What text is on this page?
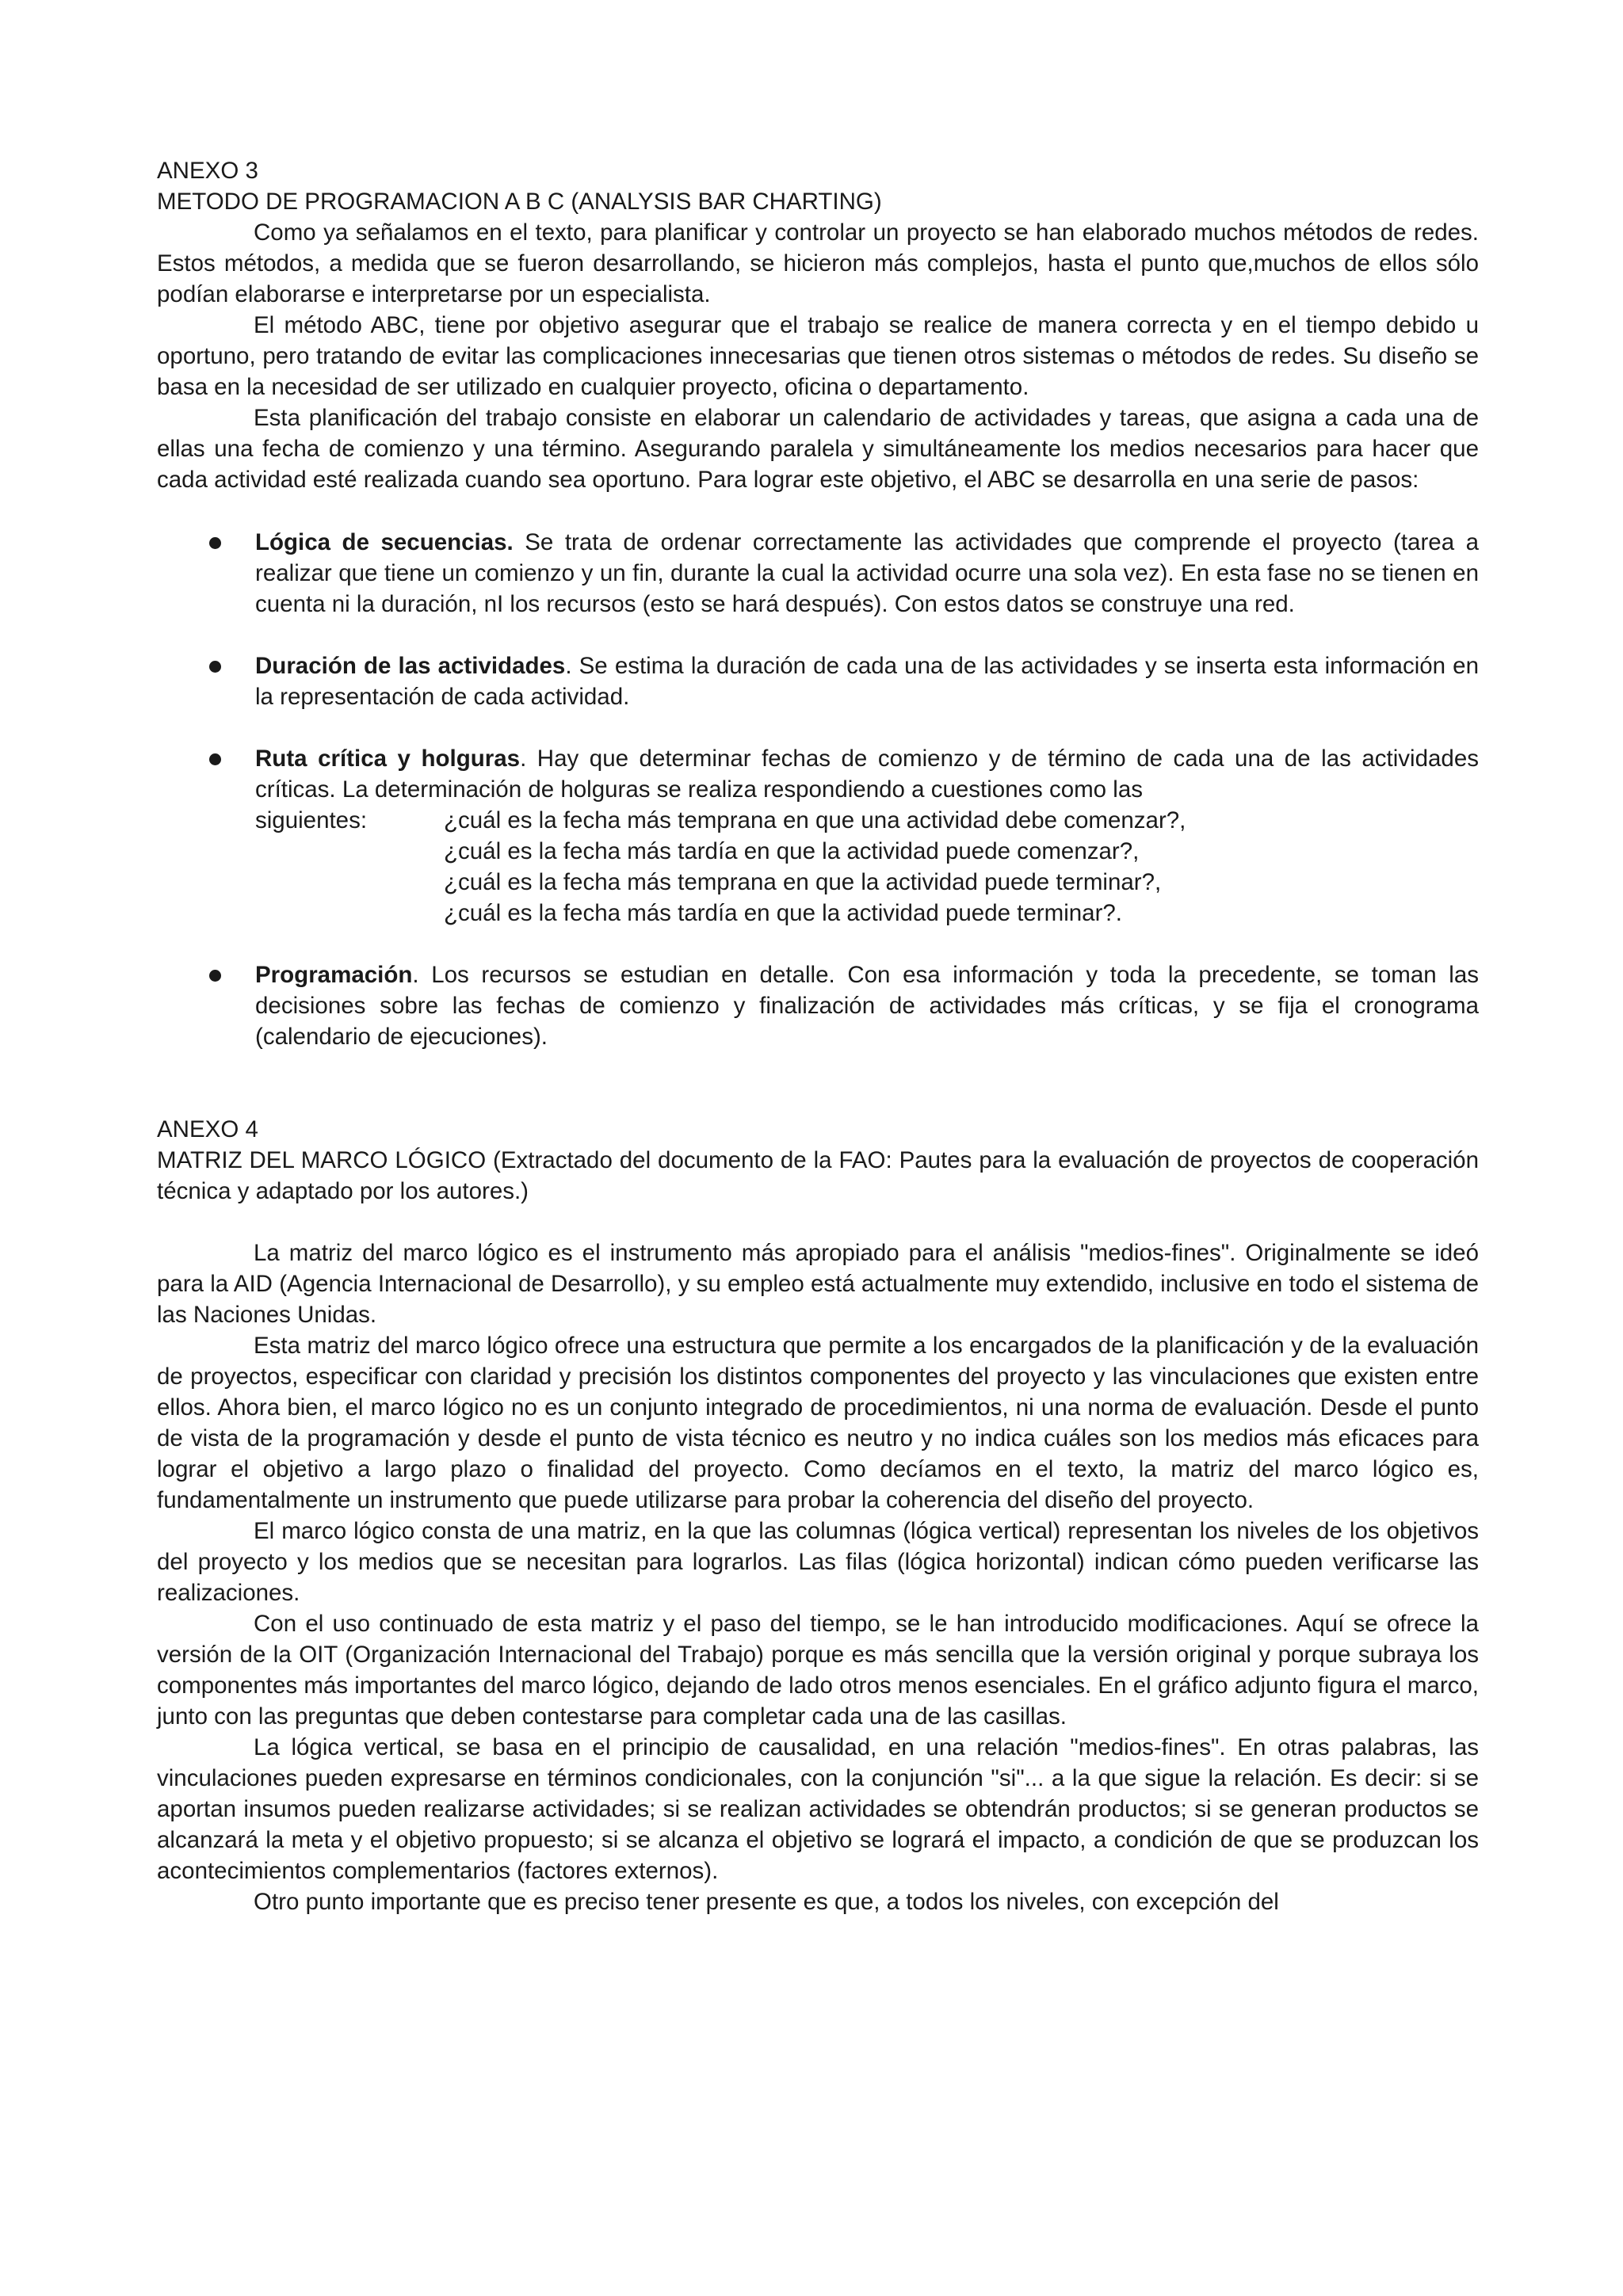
ANEXO 3

METODO DE PROGRAMACION A B C (ANALYSIS BAR CHARTING)

Como ya señalamos en el texto, para planificar y controlar un proyecto se han elaborado muchos métodos de redes. Estos métodos, a medida que se fueron desarrollando, se hicieron más complejos, hasta el punto que,muchos de ellos sólo podían elaborarse e interpretarse por un especialista.

El método ABC, tiene por objetivo asegurar que el trabajo se realice de manera correcta y en el tiempo debido u oportuno, pero tratando de evitar las complicaciones innecesarias que tienen otros sistemas o métodos de redes. Su diseño se basa en la necesidad de ser utilizado en cualquier proyecto, oficina o departamento.

Esta planificación del trabajo consiste en elaborar un calendario de actividades y tareas, que asigna a cada una de ellas una fecha de comienzo y una término. Asegurando paralela y simultáneamente los medios necesarios para hacer que cada actividad esté realizada cuando sea oportuno. Para lograr este objetivo, el ABC se desarrolla en una serie de pasos:

Lógica de secuencias. Se trata de ordenar correctamente las actividades que comprende el proyecto (tarea a realizar que tiene un comienzo y un fin, durante la cual la actividad ocurre una sola vez). En esta fase no se tienen en cuenta ni la duración, nI los recursos (esto se hará después). Con estos datos se construye una red.
Duración de las actividades. Se estima la duración de cada una de las actividades y se inserta esta información en la representación de cada actividad.
Ruta crítica y holguras. Hay que determinar fechas de comienzo y de término de cada una de las actividades críticas. La determinación de holguras se realiza respondiendo a cuestiones como las
siguientes:	¿cuál es la fecha más temprana en que una actividad debe comenzar?,
¿cuál es la fecha más tardía en que la actividad puede comenzar?,
¿cuál es la fecha más temprana en que la actividad puede terminar?,
¿cuál es la fecha más tardía en que la actividad puede terminar?.
Programación. Los recursos se estudian en detalle. Con esa información y toda la precedente, se toman las decisiones sobre las fechas de comienzo y finalización de actividades más críticas, y se fija el cronograma (calendario de ejecuciones).

ANEXO 4

MATRIZ DEL MARCO LÓGICO (Extractado del documento de la FAO: Pautes para la evaluación de proyectos de cooperación técnica y adaptado por los autores.)

La matriz del marco lógico es el instrumento más apropiado para el análisis "medios-fines". Originalmente se ideó para la AID (Agencia Internacional de Desarrollo), y su empleo está actualmente muy extendido, inclusive en todo el sistema de las Naciones Unidas.

Esta matriz del marco lógico ofrece una estructura que permite a los encargados de la planificación y de la evaluación de proyectos, especificar con claridad y precisión los distintos componentes del proyecto y las vinculaciones que existen entre ellos. Ahora bien, el marco lógico no es un conjunto integrado de procedimientos, ni una norma de evaluación. Desde el punto de vista de la programación y desde el punto de vista técnico es neutro y no indica cuáles son los medios más eficaces para lograr el objetivo a largo plazo o finalidad del proyecto. Como decíamos en el texto, la matriz del marco lógico es, fundamentalmente un instrumento que puede utilizarse para probar la coherencia del diseño del proyecto.

El marco lógico consta de una matriz, en la que las columnas (lógica vertical) representan los niveles de los objetivos del proyecto y los medios que se necesitan para lograrlos. Las filas (lógica horizontal) indican cómo pueden verificarse las realizaciones.

Con el uso continuado de esta matriz y el paso del tiempo, se le han introducido modificaciones. Aquí se ofrece la versión de la OIT (Organización Internacional del Trabajo) porque es más sencilla que la versión original y porque subraya los componentes más importantes del marco lógico, dejando de lado otros menos esenciales. En el gráfico adjunto figura el marco, junto con las preguntas que deben contestarse para completar cada una de las casillas.

La lógica vertical, se basa en el principio de causalidad, en una relación "medios-fines". En otras palabras, las vinculaciones pueden expresarse en términos condicionales, con la conjunción "si"... a la que sigue la relación. Es decir: si se aportan insumos pueden realizarse actividades; si se realizan actividades se obtendrán productos; si se generan productos se alcanzará la meta y el objetivo propuesto; si se alcanza el objetivo se logrará el impacto, a condición de que se produzcan los acontecimientos complementarios (factores externos).

Otro punto importante que es preciso tener presente es que, a todos los niveles, con excepción del
